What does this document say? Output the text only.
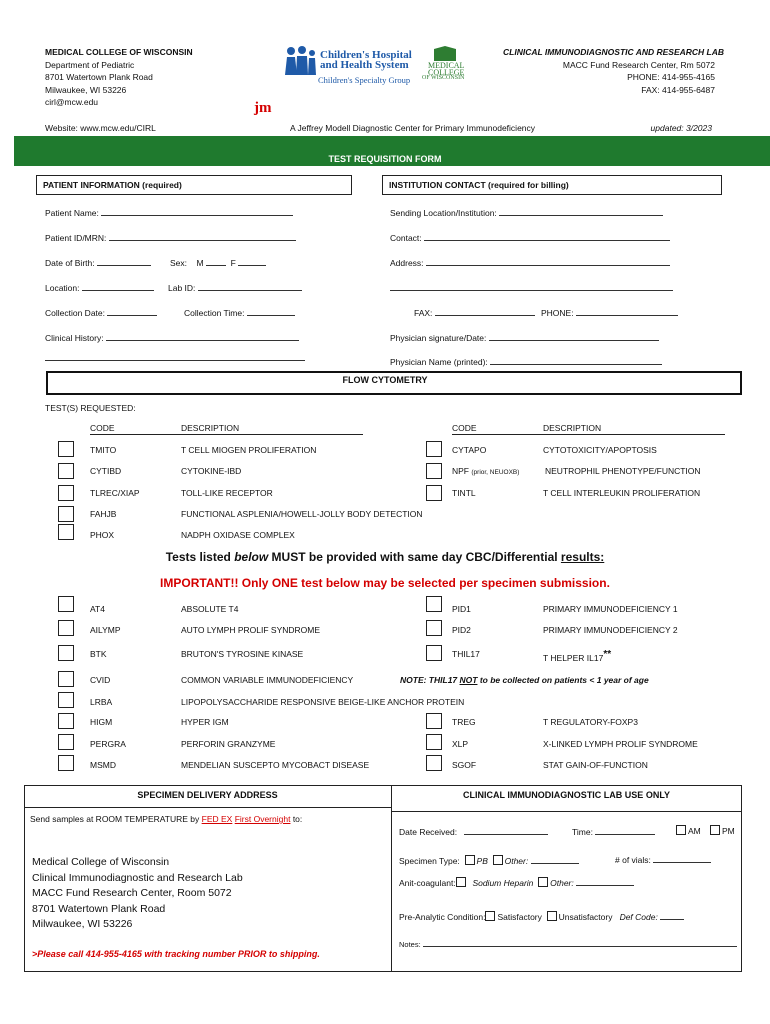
MEDICAL COLLEGE OF WISCONSIN
Department of Pediatric
8701 Watertown Plank Road
Milwaukee, WI 53226
cirl@mcw.edu
Website: www.mcw.edu/CIRL
Children's Hospital
and Health System
Children's Specialty Group
MEDICAL
COLLEGE
OF WISCONSIN
jm
A Jeffrey Modell Diagnostic Center for Primary Immunodeficiency
CLINICAL IMMUNODIAGNOSTIC AND RESEARCH LAB
MACC Fund Research Center, Rm 5072
PHONE: 414-955-4165
FAX: 414-955-6487
updated: 3/2023
TEST REQUISITION FORM
PATIENT INFORMATION (required)	INSTITUTION CONTACT (required for billing)
Patient Name:
Patient ID/MRN:
Date of Birth:	Sex: M	F
Location:	Lab ID:
Collection Date:	Collection Time:
Clinical History:
Sending Location/Institution:
Contact:
Address:
FAX:	PHONE:
Physician signature/Date:
Physician Name (printed):
FLOW CYTOMETRY
TEST(S) REQUESTED:
CODE	DESCRIPTION	CODE	DESCRIPTION
TMITO	T CELL MIOGEN PROLIFERATION
CYTIBD	CYTOKINE-IBD
TLREC/XIAP	TOLL-LIKE RECEPTOR
FAHJB	FUNCTIONAL ASPLENIA/HOWELL-JOLLY BODY DETECTION
PHOX	NADPH OXIDASE COMPLEX
CYTAPO	CYTOTOXICITY/APOPTOSIS
NPF (prior, NEUOXB)	NEUTROPHIL PHENOTYPE/FUNCTION
TINTL	T CELL INTERLEUKIN PROLIFERATION
Tests listed below MUST be provided with same day CBC/Differential results:
IMPORTANT!! Only ONE test below may be selected per specimen submission.
AT4	ABSOLUTE T4
AILYMP	AUTO LYMPH PROLIF SYNDROME
BTK	BRUTON'S TYROSINE KINASE
CVID	COMMON VARIABLE IMMUNODEFICIENCY
LRBA	LIPOPOLYSACCHARIDE RESPONSIVE BEIGE-LIKE ANCHOR PROTEIN
HIGM	HYPER IGM
PERGRA	PERFORIN GRANZYME
MSMD	MENDELIAN SUSCEPTO MYCOBACT DISEASE
PID1	PRIMARY IMMUNODEFICIENCY 1
PID2	PRIMARY IMMUNODEFICIENCY 2
THIL17	T HELPER IL17**
NOTE: THIL17 NOT to be collected on patients < 1 year of age
TREG	T REGULATORY-FOXP3
XLP	X-LINKED LYMPH PROLIF SYNDROME
SGOF	STAT GAIN-OF-FUNCTION
SPECIMEN DELIVERY ADDRESS	CLINICAL IMMUNODIAGNOSTIC LAB USE ONLY
Send samples at ROOM TEMPERATURE by FED EX First Overnight to:
Medical College of Wisconsin
Clinical Immunodiagnostic and Research Lab
MACC Fund Research Center, Room 5072
8701 Watertown Plank Road
Milwaukee, WI 53226
>Please call 414-955-4165 with tracking number PRIOR to shipping.
Date Received:	Time:	AM	PM
Specimen Type: PB Other:	# of vials:
Anit-coagulant: Sodium Heparin Other:
Pre-Analytic Condition: Satisfactory Unsatisfactory Def Code:
Notes:
